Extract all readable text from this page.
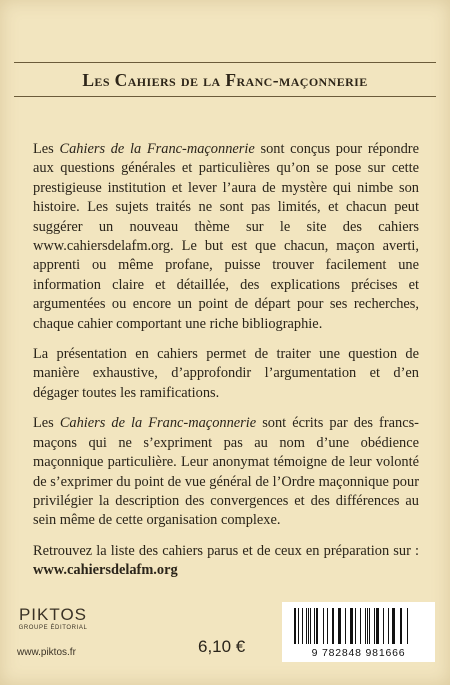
Les Cahiers de la Franc-maçonnerie

Les Cahiers de la Franc-maçonnerie sont conçus pour répondre aux questions générales et particulières qu’on se pose sur cette prestigieuse institution et lever l’aura de mystère qui nimbe son histoire. Les sujets traités ne sont pas limités, et chacun peut suggérer un nouveau thème sur le site des cahiers www.cahiersdelafm.org. Le but est que chacun, maçon averti, apprenti ou même profane, puisse trouver facilement une information claire et détaillée, des explications précises et argumentées ou encore un point de départ pour ses recherches, chaque cahier comportant une riche bibliographie.

La présentation en cahiers permet de traiter une question de manière exhaustive, d’approfondir l’argumentation et d’en dégager toutes les ramifications.

Les Cahiers de la Franc-maçonnerie sont écrits par des francs-maçons qui ne s’expriment pas au nom d’une obédience maçonnique particulière. Leur anonymat témoigne de leur volonté de s’exprimer du point de vue général de l’Ordre maçonnique pour privilégier la description des convergences et des différences au sein même de cette organisation complexe.

Retrouvez la liste des cahiers parus et de ceux en préparation sur : www.cahiersdelafm.org

PIKTOS
GROUPE ÉDITORIAL
www.piktos.fr	6,10 €	9 782848 981666
